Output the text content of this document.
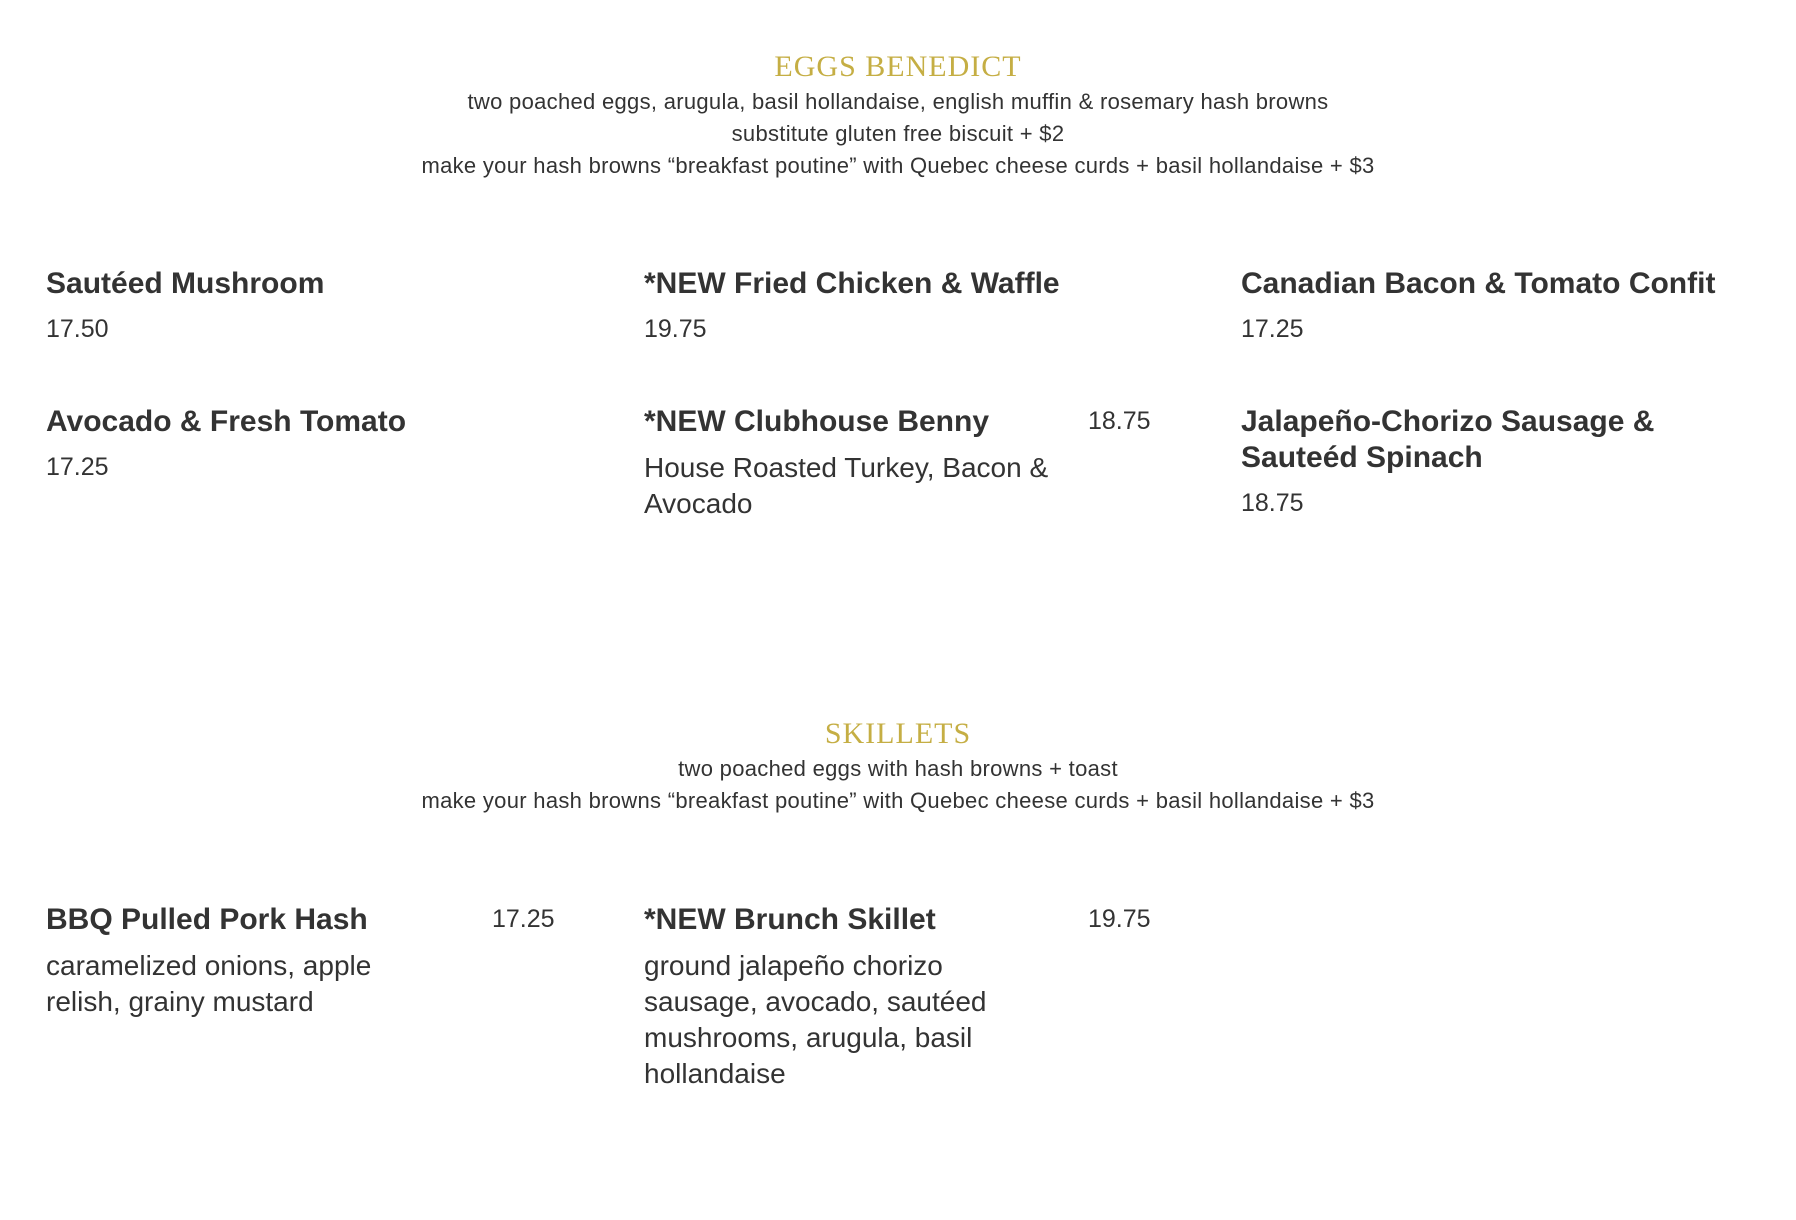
EGGS BENEDICT
two poached eggs, arugula, basil hollandaise, english muffin & rosemary hash browns
substitute gluten free biscuit + $2
make your hash browns “breakfast poutine” with Quebec cheese curds + basil hollandaise + $3
Sautéed Mushroom
17.50
*NEW Fried Chicken & Waffle
19.75
Canadian Bacon & Tomato Confit
17.25
Avocado & Fresh Tomato
17.25
*NEW Clubhouse Benny	18.75
House Roasted Turkey, Bacon & Avocado
Jalapeño-Chorizo Sausage & Sauteéd Spinach
18.75
SKILLETS
two poached eggs with hash browns + toast
make your hash browns “breakfast poutine” with Quebec cheese curds + basil hollandaise + $3
BBQ Pulled Pork Hash	17.25
caramelized onions, apple relish, grainy mustard
*NEW Brunch Skillet	19.75
ground jalapeño chorizo sausage, avocado, sautéed mushrooms, arugula, basil hollandaise
